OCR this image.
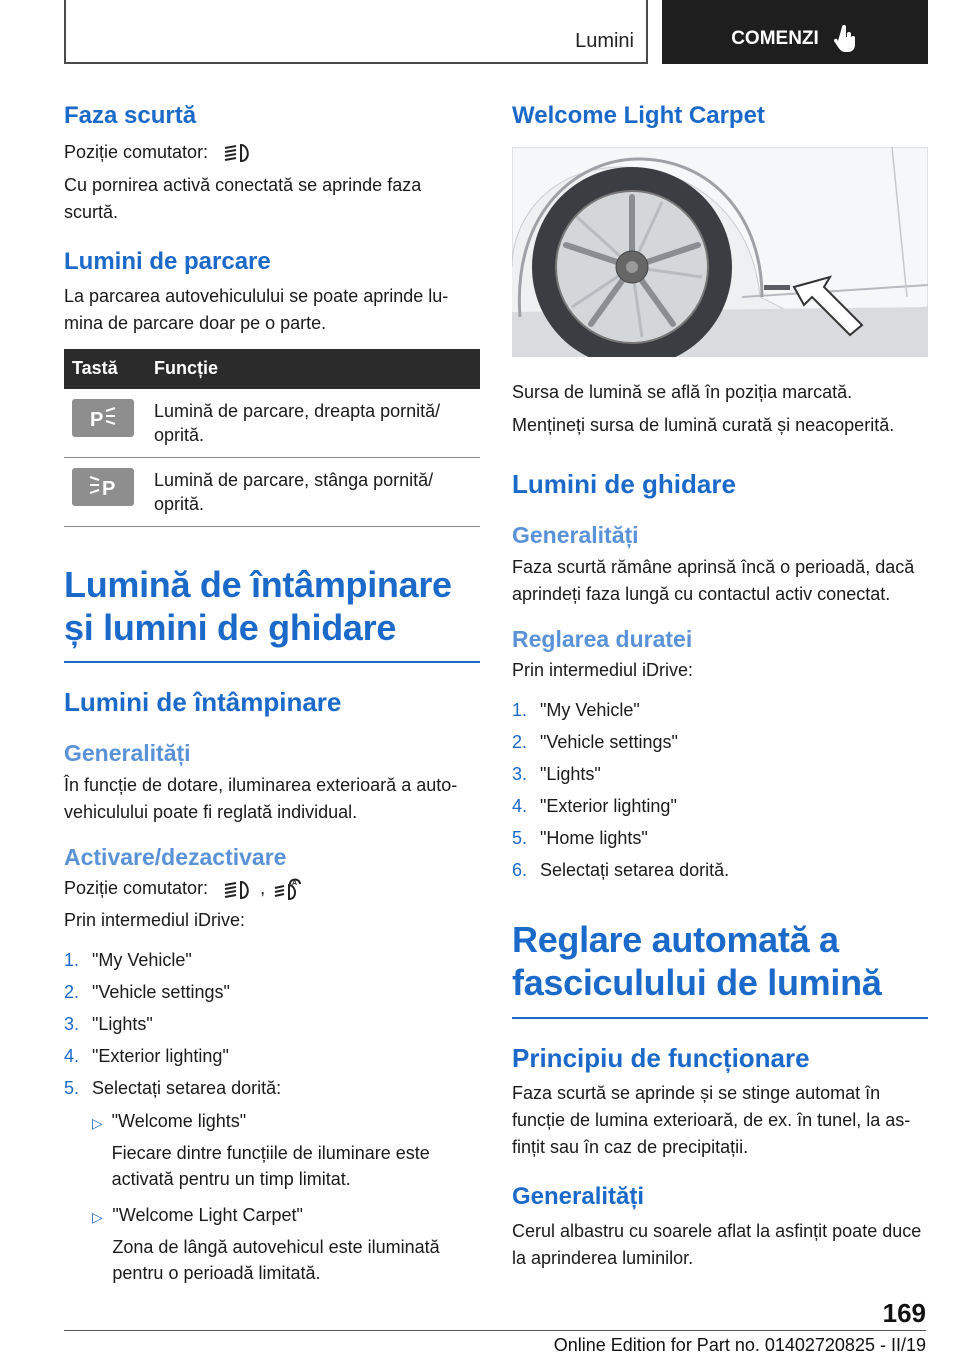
Lumini	COMENZI
Faza scurtă

Poziție comutator:

Cu pornirea activă conectată se aprinde faza scurtă.

Lumini de parcare

La parcarea autovehiculului se poate aprinde lu-mina de parcare doar pe o parte.

Tastă	Funcție

P	Lumină de parcare, dreapta pornită/ oprită.

P	Lumină de parcare, stânga pornită/ oprită.
Lumină de întâmpinare și lumini de ghidare
Lumini de întâmpinare
Generalități

În funcție de dotare, iluminarea exterioară a auto-vehiculului poate fi reglată individual.

Activare/dezactivare

Poziție comutator:	,	A

Prin intermediul iDrive:

1. "My Vehicle"
2. "Vehicle settings"
3. "Lights"
4. "Exterior lighting"
5. Selectați setarea dorită:
▷ "Welcome lights"
Fiecare dintre funcțiile de iluminare este activată pentru un timp limitat.
▷ "Welcome Light Carpet"
Zona de lângă autovehicul este iluminată pentru o perioadă limitată.
Welcome Light Carpet

Sursa de lumină se află în poziția marcată.

Mențineți sursa de lumină curată și neacoperită.

Lumini de ghidare
Generalități

Faza scurtă rămâne aprinsă încă o perioadă, dacă aprindeți faza lungă cu contactul activ conectat.

Reglarea duratei

Prin intermediul iDrive:

1. "My Vehicle"
2. "Vehicle settings"
3. "Lights"
4. "Exterior lighting"
5. "Home lights"
6. Selectați setarea dorită.
Reglare automată a fasciculului de lumină
Principiu de funcționare

Faza scurtă se aprinde și se stinge automat în funcție de lumina exterioară, de ex. în tunel, la as-ﬁnțit sau în caz de precipitații.

Generalități

Cerul albastru cu soarele aflat la asfințit poate duce la aprinderea luminilor.

169
Online Edition for Part no. 01402720825 - II/19
